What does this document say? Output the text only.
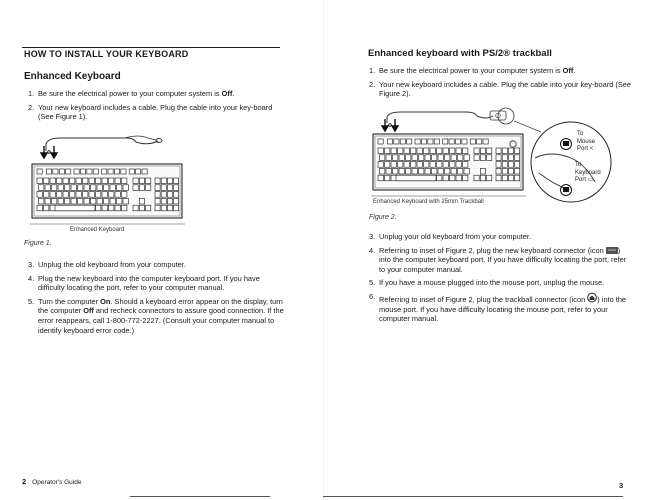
HOW TO INSTALL YOUR KEYBOARD
Enhanced Keyboard
1. Be sure the electrical power to your computer system is Off.
2. Your new keyboard includes a cable. Plug the cable into your key-board (See Figure 1).
Enhanced Keyboard

Figure 1.

3. Unplug the old keyboard from your computer.
4. Plug the new keyboard into the computer keyboard port. If you have difficulty locating the port, refer to your computer manual.
5. Turn the computer On. Should a keyboard error appear on the display, turn the computer Off and recheck connectors to assure good connection. If the error reappears, call 1-800-772-2227. (Consult your computer manual to identify keyboard error code.)
2 Operator's Guide
Enhanced keyboard with PS/2® trackball
1. Be sure the electrical power to your computer system is Off.
2. Your new keyboard includes a cable. Plug the cable into your key-board (See Figure 2).
To
Mouse
Port <
To
Keyboard
Port ▭
Enhanced Keyboard with 25mm Trackball

Figure 2.

3. Unplug your old keyboard from your computer.
4. Referring to inset of Figure 2, plug the new keyboard connector (icon ) into the computer keyboard port. If you have difficulty locating the port, refer to your computer manual.
5. If you have a mouse plugged into the mouse port, unplug the mouse.
6. Referring to inset of Figure 2, plug the trackball connector (icon ) into the mouse port. If you have difficulty locating the mouse port, refer to your computer manual.
3
